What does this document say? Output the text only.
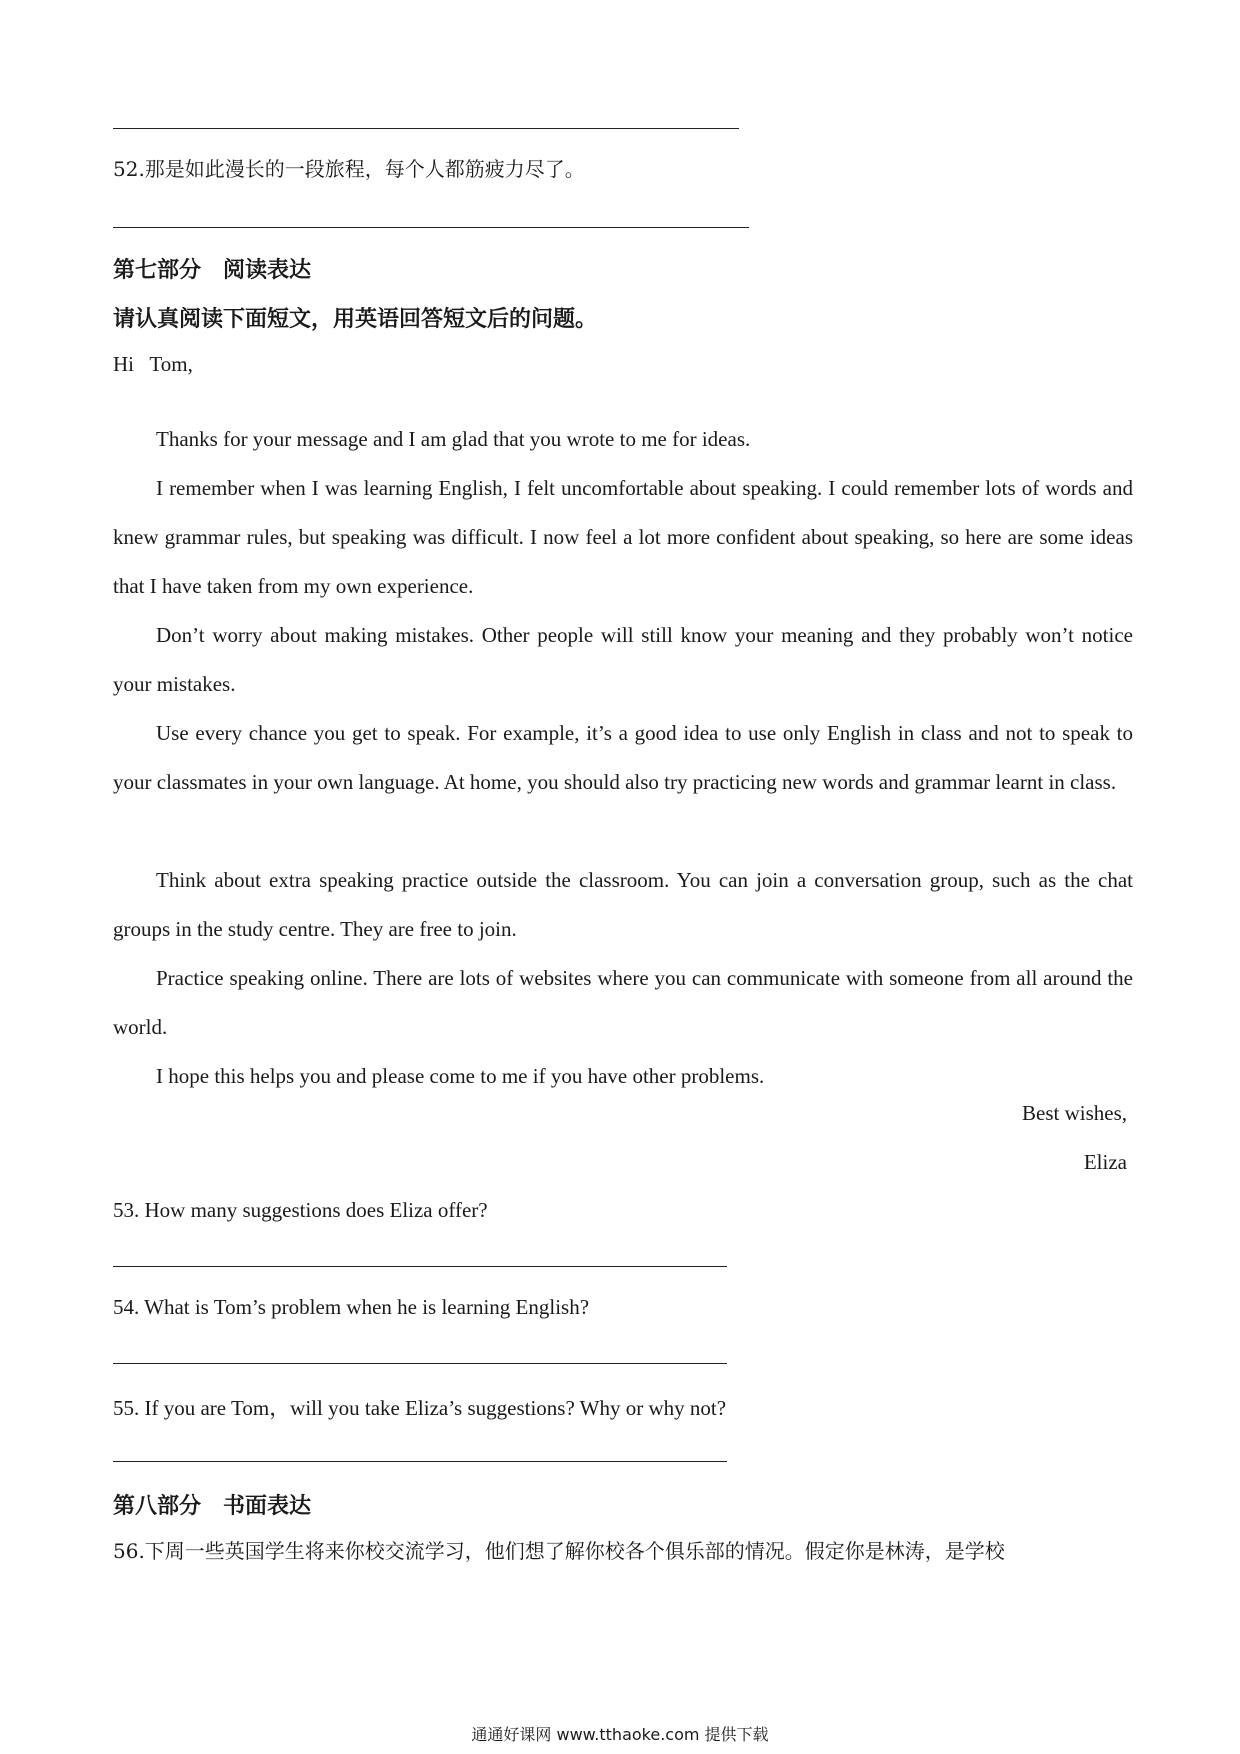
52.那是如此漫长的一段旅程，每个人都筋疲力尽了。
第七部分　阅读表达
请认真阅读下面短文，用英语回答短文后的问题。
Hi   Tom,
Thanks for your message and I am glad that you wrote to me for ideas.
I remember when I was learning English, I felt uncomfortable about speaking. I could remember lots of words and knew grammar rules, but speaking was difficult. I now feel a lot more confident about speaking, so here are some ideas that I have taken from my own experience.
Don’t worry about making mistakes. Other people will still know your meaning and they probably won’t notice your mistakes.
Use every chance you get to speak. For example, it’s a good idea to use only English in class and not to speak to your classmates in your own language. At home, you should also try practicing new words and grammar learnt in class.
Think about extra speaking practice outside the classroom. You can join a conversation group, such as the chat groups in the study centre. They are free to join.
Practice speaking online. There are lots of websites where you can communicate with someone from all around the world.
I hope this helps you and please come to me if you have other problems.
Best wishes,
Eliza
53. How many suggestions does Eliza offer?
54. What is Tom’s problem when he is learning English?
55. If you are Tom，will you take Eliza’s suggestions? Why or why not?
第八部分　书面表达
56.下周一些英国学生将来你校交流学习，他们想了解你校各个俱乐部的情况。假定你是林涛，是学校
通通好课网 www.tthaoke.com 提供下载
